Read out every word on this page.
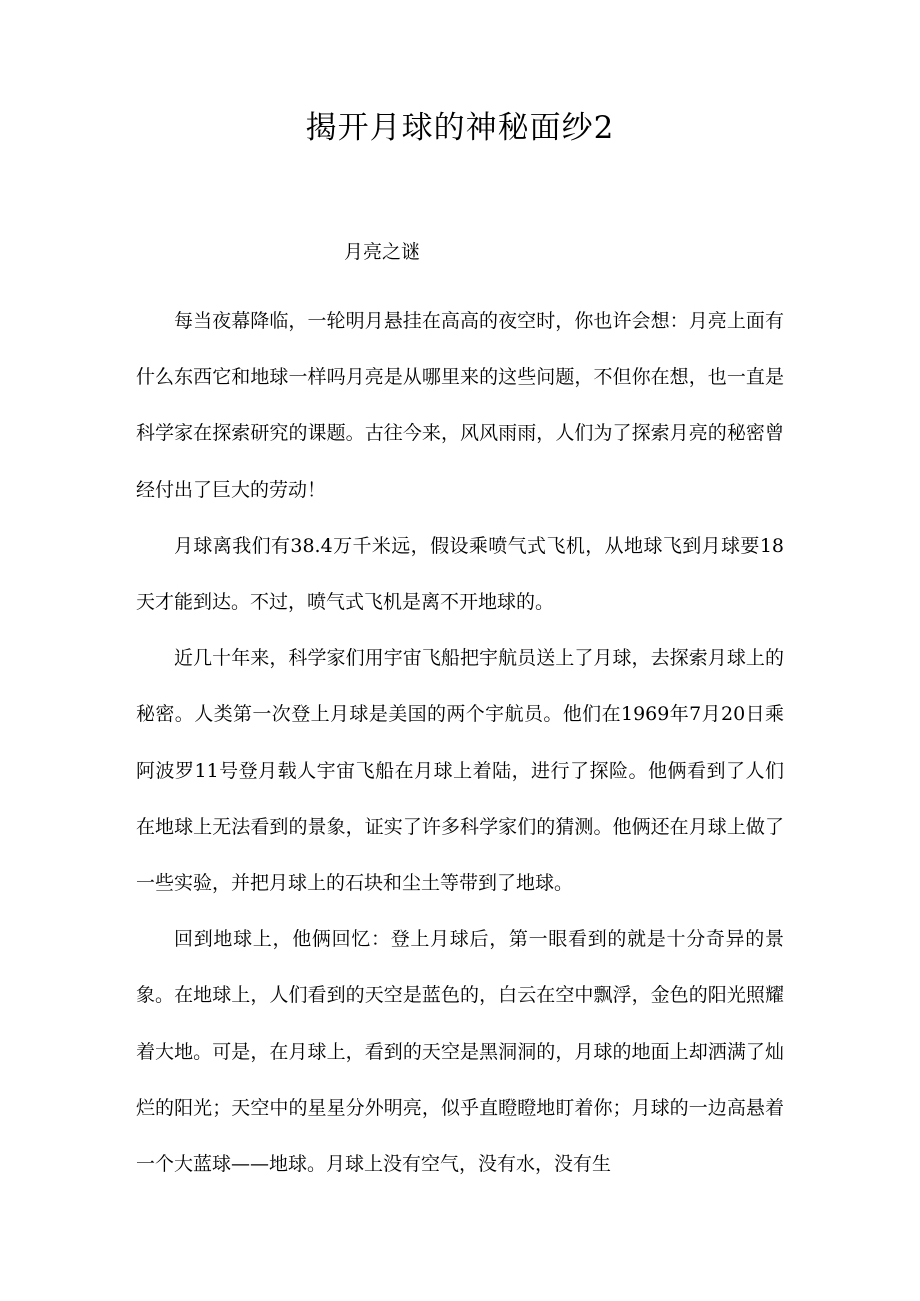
揭开月球的神秘面纱2

月亮之谜

每当夜幕降临，一轮明月悬挂在高高的夜空时，你也许会想：月亮上面有什么东西它和地球一样吗月亮是从哪里来的这些问题，不但你在想，也一直是科学家在探索研究的课题。古往今来，风风雨雨，人们为了探索月亮的秘密曾经付出了巨大的劳动！

月球离我们有38.4万千米远，假设乘喷气式飞机，从地球飞到月球要18天才能到达。不过，喷气式飞机是离不开地球的。

近几十年来，科学家们用宇宙飞船把宇航员送上了月球，去探索月球上的秘密。人类第一次登上月球是美国的两个宇航员。他们在1969年7月20日乘阿波罗11号登月载人宇宙飞船在月球上着陆，进行了探险。他俩看到了人们在地球上无法看到的景象，证实了许多科学家们的猜测。他俩还在月球上做了一些实验，并把月球上的石块和尘土等带到了地球。

回到地球上，他俩回忆：登上月球后，第一眼看到的就是十分奇异的景象。在地球上，人们看到的天空是蓝色的，白云在空中飘浮，金色的阳光照耀着大地。可是，在月球上，看到的天空是黑洞洞的，月球的地面上却洒满了灿烂的阳光；天空中的星星分外明亮，似乎直瞪瞪地盯着你；月球的一边高悬着一个大蓝球——地球。月球上没有空气，没有水，没有生
